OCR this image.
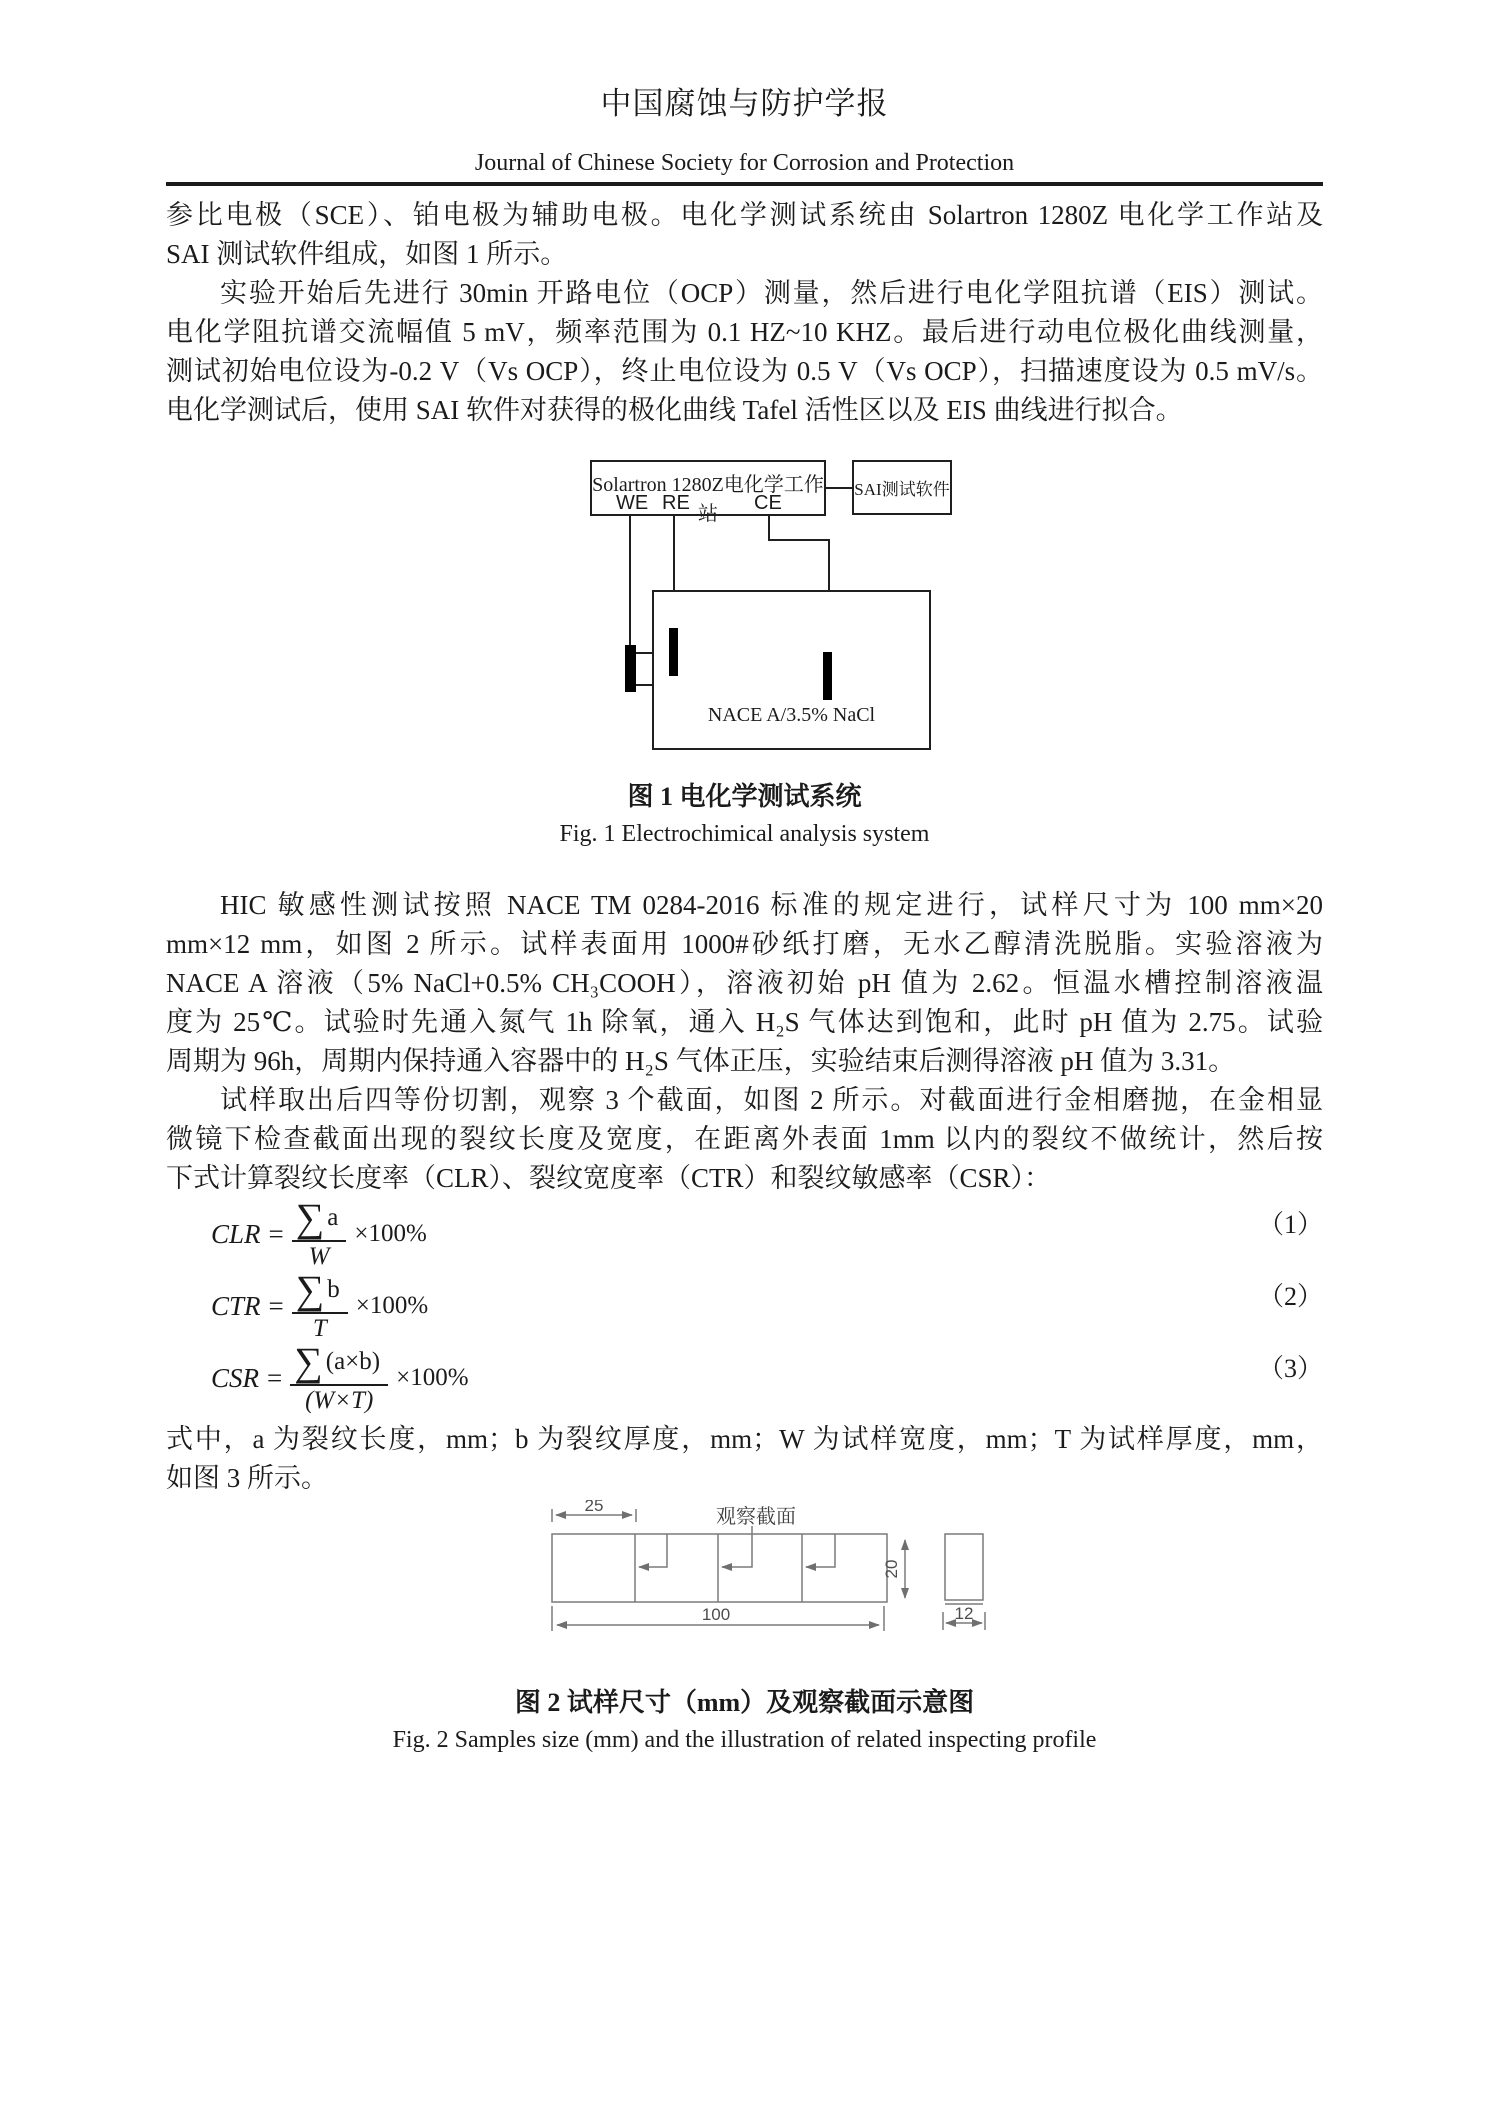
中国腐蚀与防护学报
Journal of Chinese Society for Corrosion and Protection
参比电极（SCE）、铂电极为辅助电极。电化学测试系统由 Solartron 1280Z 电化学工作站及
SAI 测试软件组成，如图 1 所示。
实验开始后先进行 30min 开路电位（OCP）测量，然后进行电化学阻抗谱（EIS）测试。
电化学阻抗谱交流幅值 5 mV，频率范围为 0.1 HZ~10 KHZ。最后进行动电位极化曲线测量，
测试初始电位设为-0.2 V（Vs OCP），终止电位设为 0.5 V（Vs OCP），扫描速度设为 0.5 mV/s。
电化学测试后，使用 SAI 软件对获得的极化曲线 Tafel 活性区以及 EIS 曲线进行拟合。
Solartron 1280Z电化学工作站
WE RE	CE
SAI测试软件
NACE A/3.5% NaCl
图 1 电化学测试系统
Fig. 1 Electrochimical analysis system
HIC 敏感性测试按照 NACE TM 0284-2016 标准的规定进行，试样尺寸为 100 mm×20
mm×12 mm，如图 2 所示。试样表面用 1000#砂纸打磨，无水乙醇清洗脱脂。实验溶液为
NACE A 溶液（5% NaCl+0.5% CH₃COOH），溶液初始 pH 值为 2.62。恒温水槽控制溶液温
度为 25℃。试验时先通入氮气 1h 除氧，通入 H₂S 气体达到饱和，此时 pH 值为 2.75。试验
周期为 96h，周期内保持通入容器中的 H₂S 气体正压，实验结束后测得溶液 pH 值为 3.31。
试样取出后四等份切割，观察 3 个截面，如图 2 所示。对截面进行金相磨抛，在金相显
微镜下检查截面出现的裂纹长度及宽度，在距离外表面 1mm 以内的裂纹不做统计，然后按
下式计算裂纹长度率（CLR）、裂纹宽度率（CTR）和裂纹敏感率（CSR）：
CLR = $\frac{\sum a}{W} \times 100\%$	（1）
CTR = $\frac{\sum b}{T} \times 100\%$	（2）
CSR = $\frac{\sum (a\times b)}{(W\times T)} \times 100\%$	（3）
式中，a 为裂纹长度，mm；b 为裂纹厚度，mm；W 为试样宽度，mm；T 为试样厚度，mm，
如图 3 所示。
25
观察截面
20
100	12
图 2 试样尺寸（mm）及观察截面示意图
Fig. 2 Samples size (mm) and the illustration of related inspecting profile
